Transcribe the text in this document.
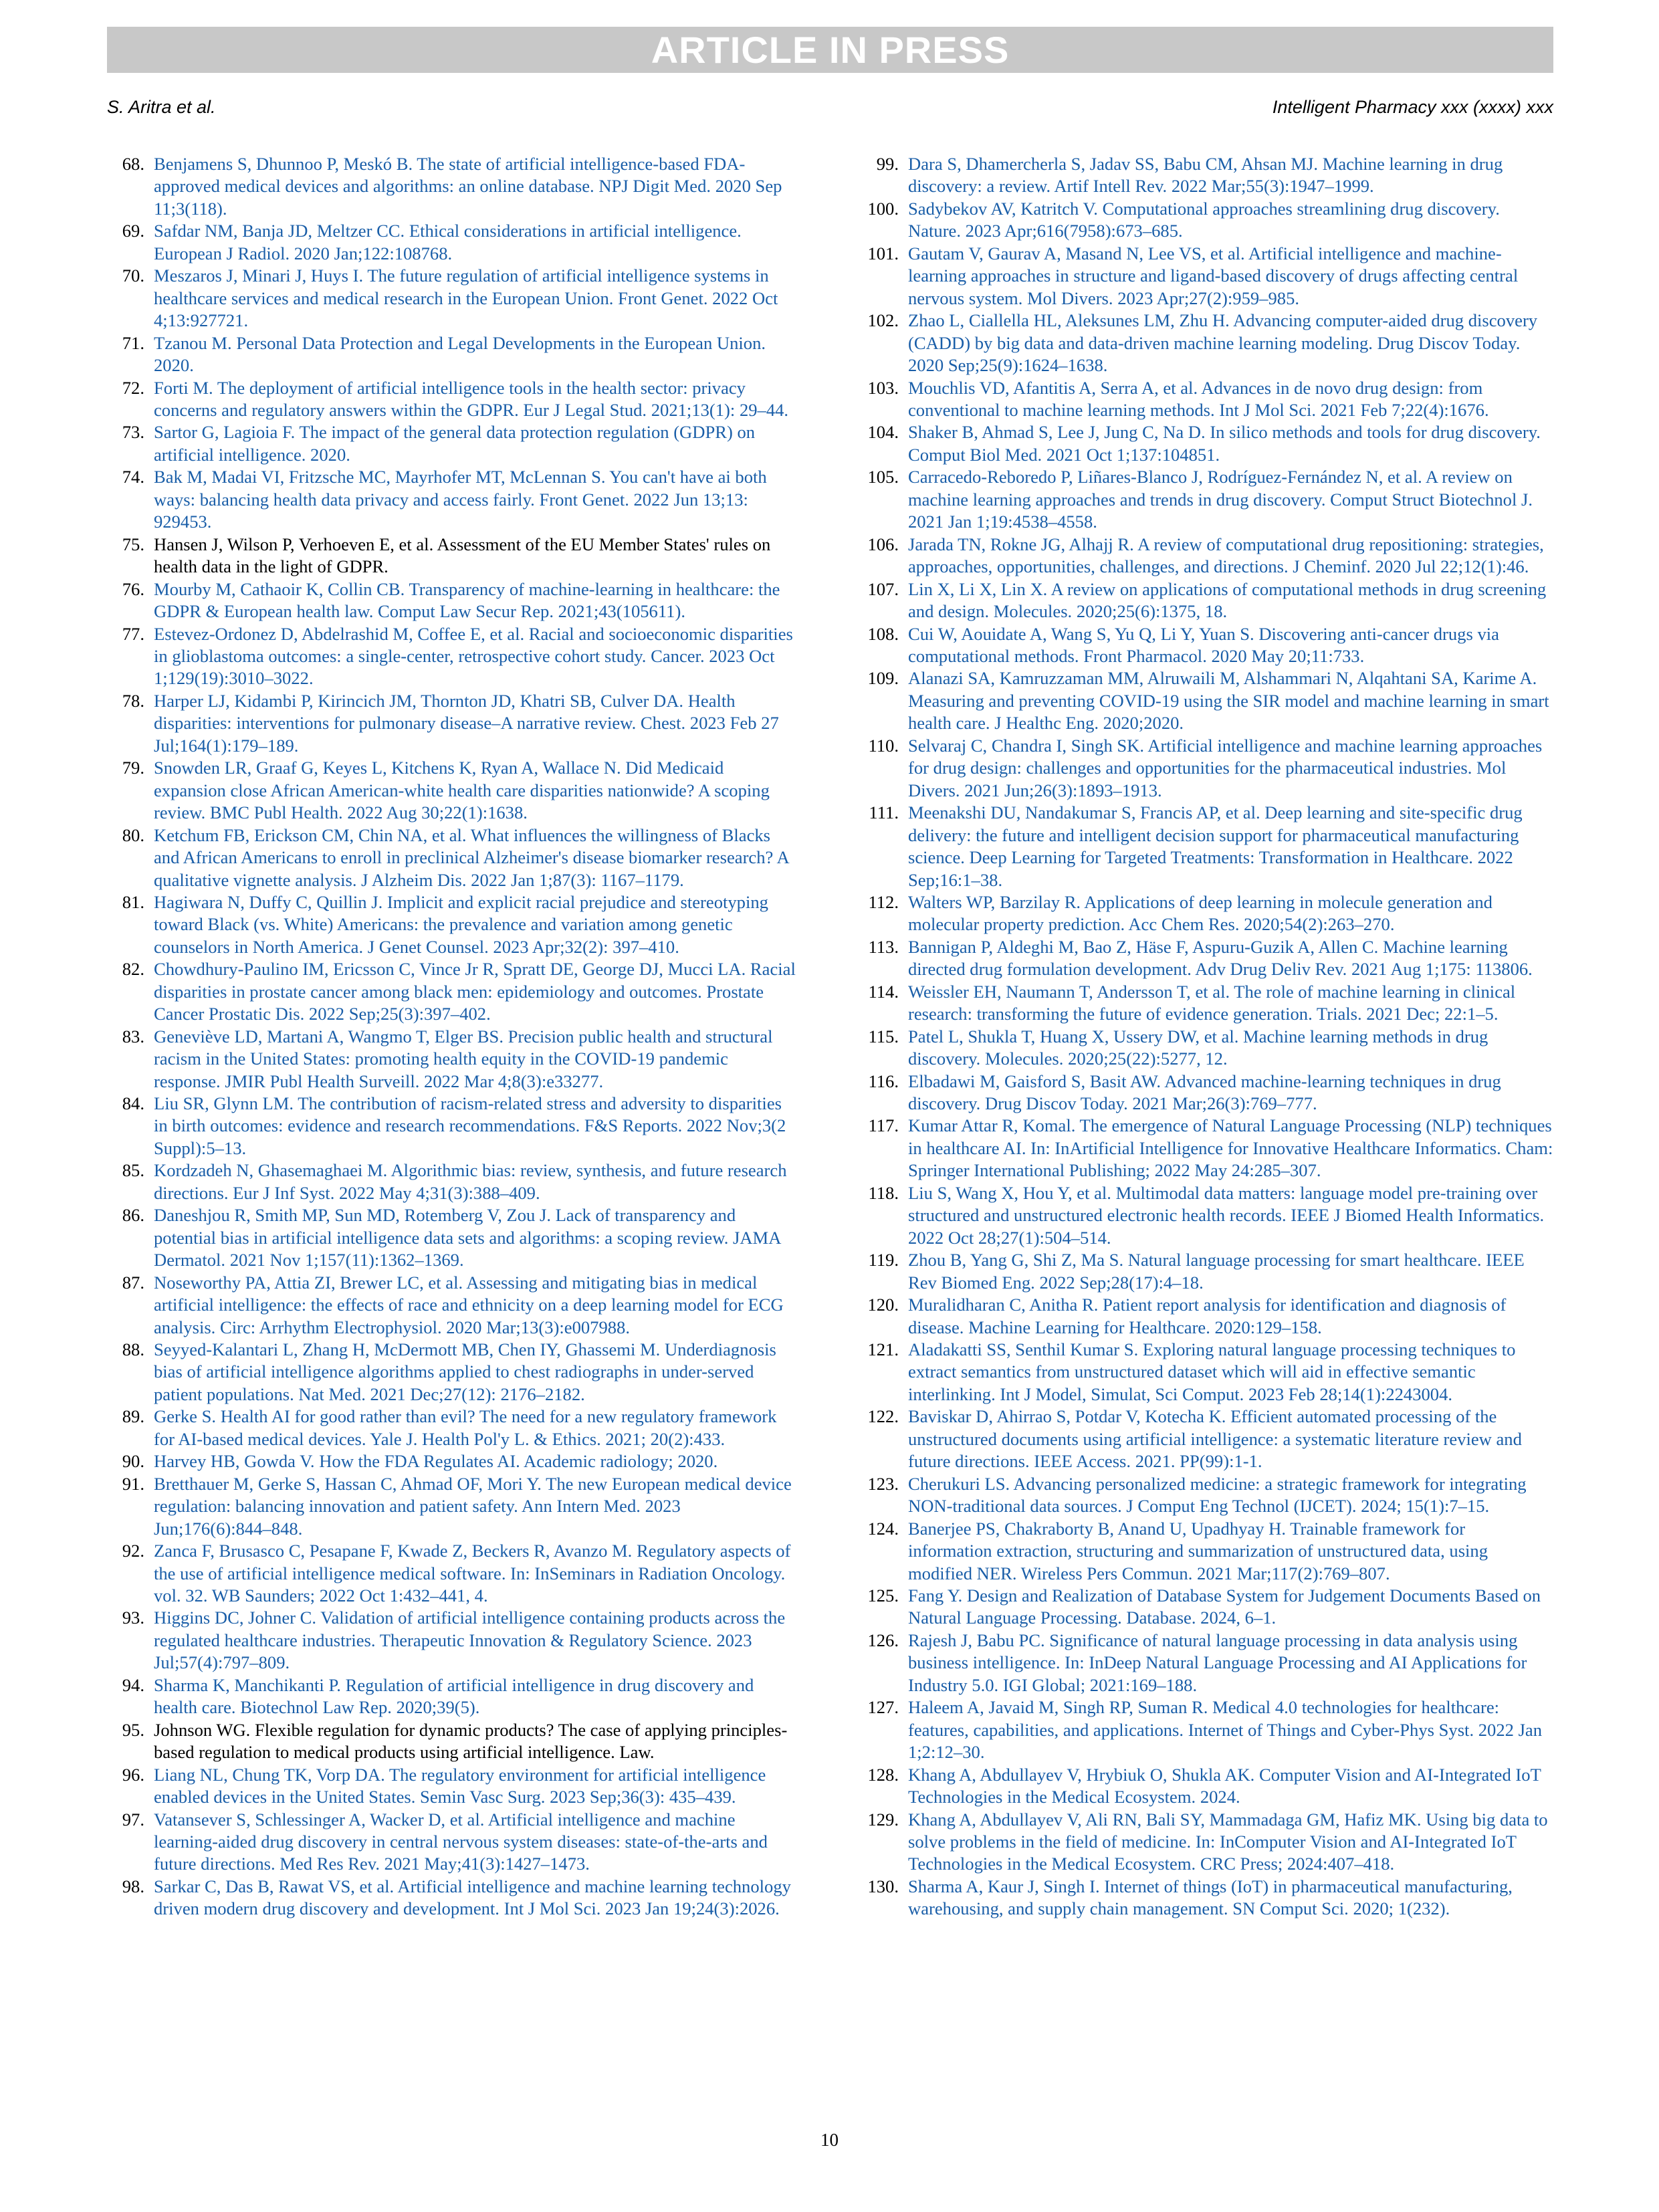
ARTICLE IN PRESS
S. Aritra et al.	Intelligent Pharmacy xxx (xxxx) xxx
68. Benjamens S, Dhunnoo P, Meskó B. The state of artificial intelligence-based FDA-approved medical devices and algorithms: an online database. NPJ Digit Med. 2020 Sep 11;3(118).
69. Safdar NM, Banja JD, Meltzer CC. Ethical considerations in artificial intelligence. European J Radiol. 2020 Jan;122:108768.
70. Meszaros J, Minari J, Huys I. The future regulation of artificial intelligence systems in healthcare services and medical research in the European Union. Front Genet. 2022 Oct 4;13:927721.
71. Tzanou M. Personal Data Protection and Legal Developments in the European Union. 2020.
72. Forti M. The deployment of artificial intelligence tools in the health sector: privacy concerns and regulatory answers within the GDPR. Eur J Legal Stud. 2021;13(1): 29–44.
73. Sartor G, Lagioia F. The impact of the general data protection regulation (GDPR) on artificial intelligence. 2020.
74. Bak M, Madai VI, Fritzsche MC, Mayrhofer MT, McLennan S. You can't have ai both ways: balancing health data privacy and access fairly. Front Genet. 2022 Jun 13;13: 929453.
75. Hansen J, Wilson P, Verhoeven E, et al. Assessment of the EU Member States' rules on health data in the light of GDPR.
76. Mourby M, Cathaoir K, Collin CB. Transparency of machine-learning in healthcare: the GDPR & European health law. Comput Law Secur Rep. 2021;43(105611).
77. Estevez-Ordonez D, Abdelrashid M, Coffee E, et al. Racial and socioeconomic disparities in glioblastoma outcomes: a single-center, retrospective cohort study. Cancer. 2023 Oct 1;129(19):3010–3022.
78. Harper LJ, Kidambi P, Kirincich JM, Thornton JD, Khatri SB, Culver DA. Health disparities: interventions for pulmonary disease–A narrative review. Chest. 2023 Feb 27 Jul;164(1):179–189.
79. Snowden LR, Graaf G, Keyes L, Kitchens K, Ryan A, Wallace N. Did Medicaid expansion close African American-white health care disparities nationwide? A scoping review. BMC Publ Health. 2022 Aug 30;22(1):1638.
80. Ketchum FB, Erickson CM, Chin NA, et al. What influences the willingness of Blacks and African Americans to enroll in preclinical Alzheimer's disease biomarker research? A qualitative vignette analysis. J Alzheim Dis. 2022 Jan 1;87(3): 1167–1179.
81. Hagiwara N, Duffy C, Quillin J. Implicit and explicit racial prejudice and stereotyping toward Black (vs. White) Americans: the prevalence and variation among genetic counselors in North America. J Genet Counsel. 2023 Apr;32(2): 397–410.
82. Chowdhury-Paulino IM, Ericsson C, Vince Jr R, Spratt DE, George DJ, Mucci LA. Racial disparities in prostate cancer among black men: epidemiology and outcomes. Prostate Cancer Prostatic Dis. 2022 Sep;25(3):397–402.
83. Geneviève LD, Martani A, Wangmo T, Elger BS. Precision public health and structural racism in the United States: promoting health equity in the COVID-19 pandemic response. JMIR Publ Health Surveill. 2022 Mar 4;8(3):e33277.
84. Liu SR, Glynn LM. The contribution of racism-related stress and adversity to disparities in birth outcomes: evidence and research recommendations. F&S Reports. 2022 Nov;3(2 Suppl):5–13.
85. Kordzadeh N, Ghasemaghaei M. Algorithmic bias: review, synthesis, and future research directions. Eur J Inf Syst. 2022 May 4;31(3):388–409.
86. Daneshjou R, Smith MP, Sun MD, Rotemberg V, Zou J. Lack of transparency and potential bias in artificial intelligence data sets and algorithms: a scoping review. JAMA Dermatol. 2021 Nov 1;157(11):1362–1369.
87. Noseworthy PA, Attia ZI, Brewer LC, et al. Assessing and mitigating bias in medical artificial intelligence: the effects of race and ethnicity on a deep learning model for ECG analysis. Circ: Arrhythm Electrophysiol. 2020 Mar;13(3):e007988.
88. Seyyed-Kalantari L, Zhang H, McDermott MB, Chen IY, Ghassemi M. Underdiagnosis bias of artificial intelligence algorithms applied to chest radiographs in under-served patient populations. Nat Med. 2021 Dec;27(12): 2176–2182.
89. Gerke S. Health AI for good rather than evil? The need for a new regulatory framework for AI-based medical devices. Yale J. Health Pol'y L. & Ethics. 2021; 20(2):433.
90. Harvey HB, Gowda V. How the FDA Regulates AI. Academic radiology; 2020.
91. Bretthauer M, Gerke S, Hassan C, Ahmad OF, Mori Y. The new European medical device regulation: balancing innovation and patient safety. Ann Intern Med. 2023 Jun;176(6):844–848.
92. Zanca F, Brusasco C, Pesapane F, Kwade Z, Beckers R, Avanzo M. Regulatory aspects of the use of artificial intelligence medical software. In: InSeminars in Radiation Oncology. vol. 32. WB Saunders; 2022 Oct 1:432–441, 4.
93. Higgins DC, Johner C. Validation of artificial intelligence containing products across the regulated healthcare industries. Therapeutic Innovation & Regulatory Science. 2023 Jul;57(4):797–809.
94. Sharma K, Manchikanti P. Regulation of artificial intelligence in drug discovery and health care. Biotechnol Law Rep. 2020;39(5).
95. Johnson WG. Flexible regulation for dynamic products? The case of applying principles-based regulation to medical products using artificial intelligence. Law.
96. Liang NL, Chung TK, Vorp DA. The regulatory environment for artificial intelligence enabled devices in the United States. Semin Vasc Surg. 2023 Sep;36(3): 435–439.
97. Vatansever S, Schlessinger A, Wacker D, et al. Artificial intelligence and machine learning-aided drug discovery in central nervous system diseases: state-of-the-arts and future directions. Med Res Rev. 2021 May;41(3):1427–1473.
98. Sarkar C, Das B, Rawat VS, et al. Artificial intelligence and machine learning technology driven modern drug discovery and development. Int J Mol Sci. 2023 Jan 19;24(3):2026.
99. Dara S, Dhamercherla S, Jadav SS, Babu CM, Ahsan MJ. Machine learning in drug discovery: a review. Artif Intell Rev. 2022 Mar;55(3):1947–1999.
100. Sadybekov AV, Katritch V. Computational approaches streamlining drug discovery. Nature. 2023 Apr;616(7958):673–685.
101. Gautam V, Gaurav A, Masand N, Lee VS, et al. Artificial intelligence and machine-learning approaches in structure and ligand-based discovery of drugs affecting central nervous system. Mol Divers. 2023 Apr;27(2):959–985.
102. Zhao L, Ciallella HL, Aleksunes LM, Zhu H. Advancing computer-aided drug discovery (CADD) by big data and data-driven machine learning modeling. Drug Discov Today. 2020 Sep;25(9):1624–1638.
103. Mouchlis VD, Afantitis A, Serra A, et al. Advances in de novo drug design: from conventional to machine learning methods. Int J Mol Sci. 2021 Feb 7;22(4):1676.
104. Shaker B, Ahmad S, Lee J, Jung C, Na D. In silico methods and tools for drug discovery. Comput Biol Med. 2021 Oct 1;137:104851.
105. Carracedo-Reboredo P, Liñares-Blanco J, Rodríguez-Fernández N, et al. A review on machine learning approaches and trends in drug discovery. Comput Struct Biotechnol J. 2021 Jan 1;19:4538–4558.
106. Jarada TN, Rokne JG, Alhajj R. A review of computational drug repositioning: strategies, approaches, opportunities, challenges, and directions. J Cheminf. 2020 Jul 22;12(1):46.
107. Lin X, Li X, Lin X. A review on applications of computational methods in drug screening and design. Molecules. 2020;25(6):1375, 18.
108. Cui W, Aouidate A, Wang S, Yu Q, Li Y, Yuan S. Discovering anti-cancer drugs via computational methods. Front Pharmacol. 2020 May 20;11:733.
109. Alanazi SA, Kamruzzaman MM, Alruwaili M, Alshammari N, Alqahtani SA, Karime A. Measuring and preventing COVID-19 using the SIR model and machine learning in smart health care. J Healthc Eng. 2020;2020.
110. Selvaraj C, Chandra I, Singh SK. Artificial intelligence and machine learning approaches for drug design: challenges and opportunities for the pharmaceutical industries. Mol Divers. 2021 Jun;26(3):1893–1913.
111. Meenakshi DU, Nandakumar S, Francis AP, et al. Deep learning and site-specific drug delivery: the future and intelligent decision support for pharmaceutical manufacturing science. Deep Learning for Targeted Treatments: Transformation in Healthcare. 2022 Sep;16:1–38.
112. Walters WP, Barzilay R. Applications of deep learning in molecule generation and molecular property prediction. Acc Chem Res. 2020;54(2):263–270.
113. Bannigan P, Aldeghi M, Bao Z, Häse F, Aspuru-Guzik A, Allen C. Machine learning directed drug formulation development. Adv Drug Deliv Rev. 2021 Aug 1;175: 113806.
114. Weissler EH, Naumann T, Andersson T, et al. The role of machine learning in clinical research: transforming the future of evidence generation. Trials. 2021 Dec; 22:1–5.
115. Patel L, Shukla T, Huang X, Ussery DW, et al. Machine learning methods in drug discovery. Molecules. 2020;25(22):5277, 12.
116. Elbadawi M, Gaisford S, Basit AW. Advanced machine-learning techniques in drug discovery. Drug Discov Today. 2021 Mar;26(3):769–777.
117. Kumar Attar R, Komal. The emergence of Natural Language Processing (NLP) techniques in healthcare AI. In: InArtificial Intelligence for Innovative Healthcare Informatics. Cham: Springer International Publishing; 2022 May 24:285–307.
118. Liu S, Wang X, Hou Y, et al. Multimodal data matters: language model pre-training over structured and unstructured electronic health records. IEEE J Biomed Health Informatics. 2022 Oct 28;27(1):504–514.
119. Zhou B, Yang G, Shi Z, Ma S. Natural language processing for smart healthcare. IEEE Rev Biomed Eng. 2022 Sep;28(17):4–18.
120. Muralidharan C, Anitha R. Patient report analysis for identification and diagnosis of disease. Machine Learning for Healthcare. 2020:129–158.
121. Aladakatti SS, Senthil Kumar S. Exploring natural language processing techniques to extract semantics from unstructured dataset which will aid in effective semantic interlinking. Int J Model, Simulat, Sci Comput. 2023 Feb 28;14(1):2243004.
122. Baviskar D, Ahirrao S, Potdar V, Kotecha K. Efficient automated processing of the unstructured documents using artificial intelligence: a systematic literature review and future directions. IEEE Access. 2021. PP(99):1-1.
123. Cherukuri LS. Advancing personalized medicine: a strategic framework for integrating NON-traditional data sources. J Comput Eng Technol (IJCET). 2024; 15(1):7–15.
124. Banerjee PS, Chakraborty B, Anand U, Upadhyay H. Trainable framework for information extraction, structuring and summarization of unstructured data, using modified NER. Wireless Pers Commun. 2021 Mar;117(2):769–807.
125. Fang Y. Design and Realization of Database System for Judgement Documents Based on Natural Language Processing. Database. 2024, 6–1.
126. Rajesh J, Babu PC. Significance of natural language processing in data analysis using business intelligence. In: InDeep Natural Language Processing and AI Applications for Industry 5.0. IGI Global; 2021:169–188.
127. Haleem A, Javaid M, Singh RP, Suman R. Medical 4.0 technologies for healthcare: features, capabilities, and applications. Internet of Things and Cyber-Phys Syst. 2022 Jan 1;2:12–30.
128. Khang A, Abdullayev V, Hrybiuk O, Shukla AK. Computer Vision and AI-Integrated IoT Technologies in the Medical Ecosystem. 2024.
129. Khang A, Abdullayev V, Ali RN, Bali SY, Mammadaga GM, Hafiz MK. Using big data to solve problems in the field of medicine. In: InComputer Vision and AI-Integrated IoT Technologies in the Medical Ecosystem. CRC Press; 2024:407–418.
130. Sharma A, Kaur J, Singh I. Internet of things (IoT) in pharmaceutical manufacturing, warehousing, and supply chain management. SN Comput Sci. 2020; 1(232).
10
